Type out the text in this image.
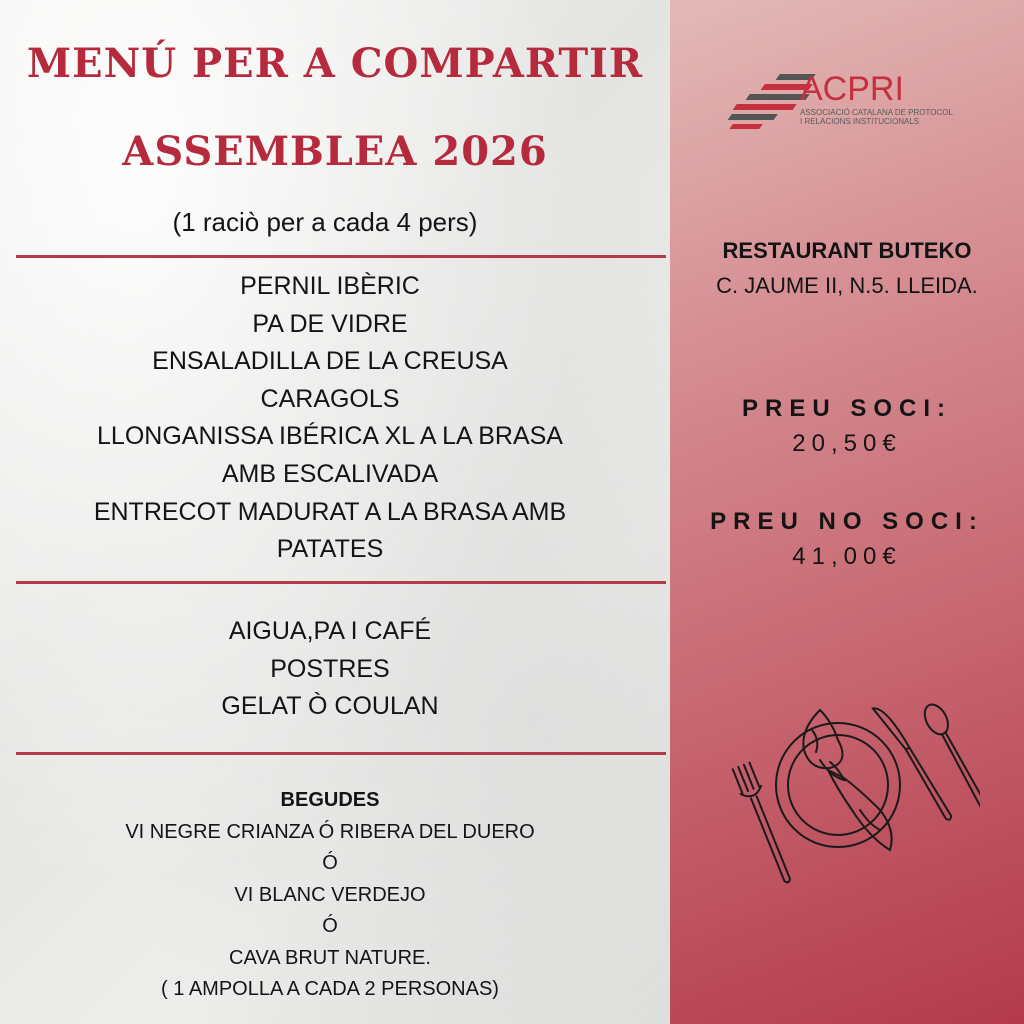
MENÚ PER A COMPARTIR
ASSEMBLEA 2026
(1 raciò per a cada 4 pers)
PERNIL IBÈRIC
PA DE VIDRE
ENSALADILLA DE LA CREUSA
CARAGOLS
LLONGANISSA IBÉRICA XL A LA BRASA
AMB ESCALIVADA
ENTRECOT MADURAT A LA BRASA AMB
PATATES
AIGUA,PA I CAFÉ
POSTRES
GELAT Ò COULAN
BEGUDES
VI NEGRE CRIANZA Ó RIBERA DEL DUERO
Ó
VI BLANC VERDEJO
Ó
CAVA BRUT NATURE.
( 1 AMPOLLA A CADA 2 PERSONAS)
ACPRI
ASSOCIACIÓ CATALANA DE PROTOCOL
I RELACIONS INSTITUCIONALS
RESTAURANT BUTEKO
C. JAUME II, N.5. LLEIDA.
PREU SOCI:
20,50€
PREU NO SOCI:
41,00€
